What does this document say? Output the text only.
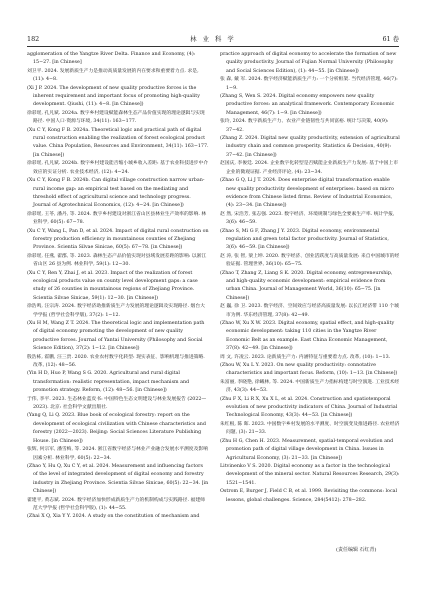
182	林 业 科 学	61 卷

agglomeration of the Yangtze River Delta. Finance and Economy, (4): 15−27. [in Chinese]

刘卫平. 2024. 发展新质生产力是推动高质量发展的内在要求和重要着力点. 求是, (11): 4−8.

(Xi J P. 2024. The development of new quality productive forces is the inherent requirement and important focus of promoting high-quality development. Qiushi, (11): 4−8. [in Chinese])

徐彩瑶, 孔凡斌. 2024a. 数字乡村建设赋能森林生态产品价值实现的理论逻辑与实现路径. 中国人口·资源与环境, 34(11): 163−177.

(Xu C Y, Kong F B. 2024a. Theoretical logic and practical path of digital rural construction enabling the realization of forest ecological product value. China Population, Resources and Environment, 34(11): 163−177. [in Chinese])

徐彩瑶, 孔凡斌. 2024b. 数字乡村建设能否缩小城乡收入差距: 基于农业科技进步中介效应的实证分析. 农业技术经济, (12): 4−24.

(Xu C Y, Kong F B. 2024b. Can digital village construction narrow urban-rural income gap: an empirical test based on the mediating and threshold effect of agricultural science and technology progress. Journal of Agrotechnical Economics, (12): 4−24. [in Chinese])

徐彩瑶, 王苓, 潘丹, 等. 2024. 数字乡村建设对浙江省山区县林业生产效率的影响. 林业科学, 60(5): 67−78.

(Xu C Y, Wang L, Pan D, et al. 2024. Impact of digital rural construction on forestry production efficiency in mountainous counties of Zhejiang Province. Scientia Silvae Sinicae, 60(5): 67−78. [in Chinese])

徐彩瑶, 任燕, 翟郡, 等. 2023. 森林生态产品价值实现对县域发展差距的影响: 以浙江省山区 26 县为例. 林业科学, 59(1): 12−30.

(Xu C Y, Ren Y, Zhai J, et al. 2023. Impact of the realization of forest ecological products value on county level development gaps: a case study of 26 counties in mountainous regions of Zhejiang Province. Scientia Silvae Sinicae, 59(1): 12−30. [in Chinese])

徐浩鸣, 汪宗涛. 2024. 数字经济助推新质生产力发展的理论逻辑及实现路径. 烟台大学学报 (哲学社会科学版), 37(2): 1−12.

(Xu H M, Wang Z T. 2024. The theoretical logic and implementation path of digital economy promoting the development of new quality productive forces. Journal of Yantai University (Philosophy and Social Science Edition), 37(2): 1−12. [in Chinese])

殷浩栋, 霍鹏, 汪三贵. 2020. 农业农村数字化转型: 现实表征、影响机理与推进策略. 改革, (12): 48−56.

(Yin H D, Huo P, Wang S G. 2020. Agricultural and rural digital transformation: realistic representation, impact mechanism and promotion strategy. Reform, (12): 48−56. [in Chinese])

于伟, 李平. 2023. 生态林业蓝皮书: 中国特色生态文明建设与林业发展报告 (2022—2023). 北京: 社会科学文献出版社.

(Yang Q, Li Q. 2023. Blue book of ecological forestry: report on the development of ecological civilization with Chinese characteristics and forestry (2022—2023). Beijing: Social Sciences Literature Publishing House. [in Chinese])

张辉, 何宗军, 潘雪梅, 等. 2024. 浙江省数字经济与林业产业融合发展水平测度及影响因素分析. 林业科学, 60(5): 22−34.

(Zhao Y, Hu Q, Xu C Y, et al. 2024. Measurement and influencing factors of the level of integrated development of digital economy and forestry industry in Zhejiang Province. Scientia Silvae Sinicae, 60(5): 22−34. [in Chinese])

翟建平, 黄志斌. 2024. 数字经济加快形成新质生产力的机制构成与实践路径. 福建师范大学学报 (哲学社会科学版), (1): 44−55.

(Zhai X Q, Xia Y Y. 2024. A study on the constitution of mechanism and

practice approach of digital economy to accelerate the formation of new quality productivity. Journal of Fujian Normal University (Philosophy and Social Sciences Edition), (1): 44−55. [in Chinese])

张 森, 戴 军. 2024. 数字经济赋能新质生产力: 一个分析框架. 当代经济管理, 46(7): 1−9.

(Zhang S, Wen S. 2024. Digital economy empowers new quality productive forces: an analytical framework. Contemporary Economic Management, 46(7): 1−9. [in Chinese])

张玲, 2024. 数字新质生产力、农业产业链韧性与共同富裕. 统计与决策, 40(9): 37−42.

(Zhang Z. 2024. Digital new quality productivity, extension of agricultural industry chain and common prosperity. Statistics & Decision, 40(9): 37−42. [in Chinese])

赵国庆, 李俊廷. 2024. 企业数字化转型是否赋能企业新质生产力发展: 基于中国上市企业的微观证据. 产业经济评论, (4): 23−34.

(Zhao G Q, Li J T. 2024. Does enterprise digital transformation enable new quality productivity development of enterprises: based on micro evidence from Chinese listed firms. Review of Industrial Economics, (4): 23−34. [in Chinese])

赵 然, 宋浩芳, 张志强. 2023. 数字经济、环境规制与绿色全要素生产率. 统计学报, 3(6): 46−59.

(Zhao S, Mi G F, Zhang J Y. 2023. Digital economy, environmental regulation and green total factor productivity. Journal of Statistics, 3(6): 46−59. [in Chinese])

赵 涛, 张 智, 梁上坤. 2020. 数字经济、创业活跃度与高质量发展: 来自中国城市的经验证据. 管理世界, 36(10): 65−75.

(Zhao T, Zhang Z, Liang S K. 2020. Digital economy, entrepreneurship, and high-quality economic development: empirical evidence from urban China. Journal of Management World, 36(10): 65−75. [in Chinese])

赵 巍, 徐 卫. 2023. 数字经济、空间效应与经济高质量发展: 以长江经济带 110 个城市为例. 华东经济管理, 37(8): 42−49.

(Zhao W, Xu X W. 2023. Digital economy, spatial effect, and high-quality economic development: taking 110 cities in the Yangtze River Economic Belt as an example. East China Economic Management, 37(8): 42−49. [in Chinese])

周 文, 许凌云. 2023. 论新质生产力: 内涵特征与重要着力点. 改革, (10): 1−13.

(Zhou W, Xu L Y. 2023. On new quality productivity: connotative characteristics and important focus. Reform, (10): 1−13. [in Chinese])

朱富丽, 李晓艳, 徐曦林, 等. 2024. 中国新质生产力指标构建与时空演进. 工业技术经济, 43(3): 44−53.

(Zhu F X, Li R X, Xu X L, et al. 2024. Construction and spatiotemporal evolution of new productivity indicators of China. Journal of Industrial Technological Economy, 43(3): 44−53. [in Chinese])

朱红根, 陈 晖. 2023. 中国数字乡村发展的水平测度、时空演变及推进路径. 农业经济问题, (3): 21−33.

(Zhu H G, Chen H. 2023. Measurement, spatial-temporal evolution and promotion path of digital village development in China. Issues in Agricultural Economy, (3): 21−33. [in Chinese])

Litvinenko V S. 2020. Digital economy as a factor in the technological development of the mineral sector. Natural Resources Research, 29(3): 1521−1541.

Ostrom E, Burger J, Field C B, et al. 1999. Revisiting the commons: local lessons, global challenges. Science, 284(5412): 278−282.

(责任编辑 石红青)
